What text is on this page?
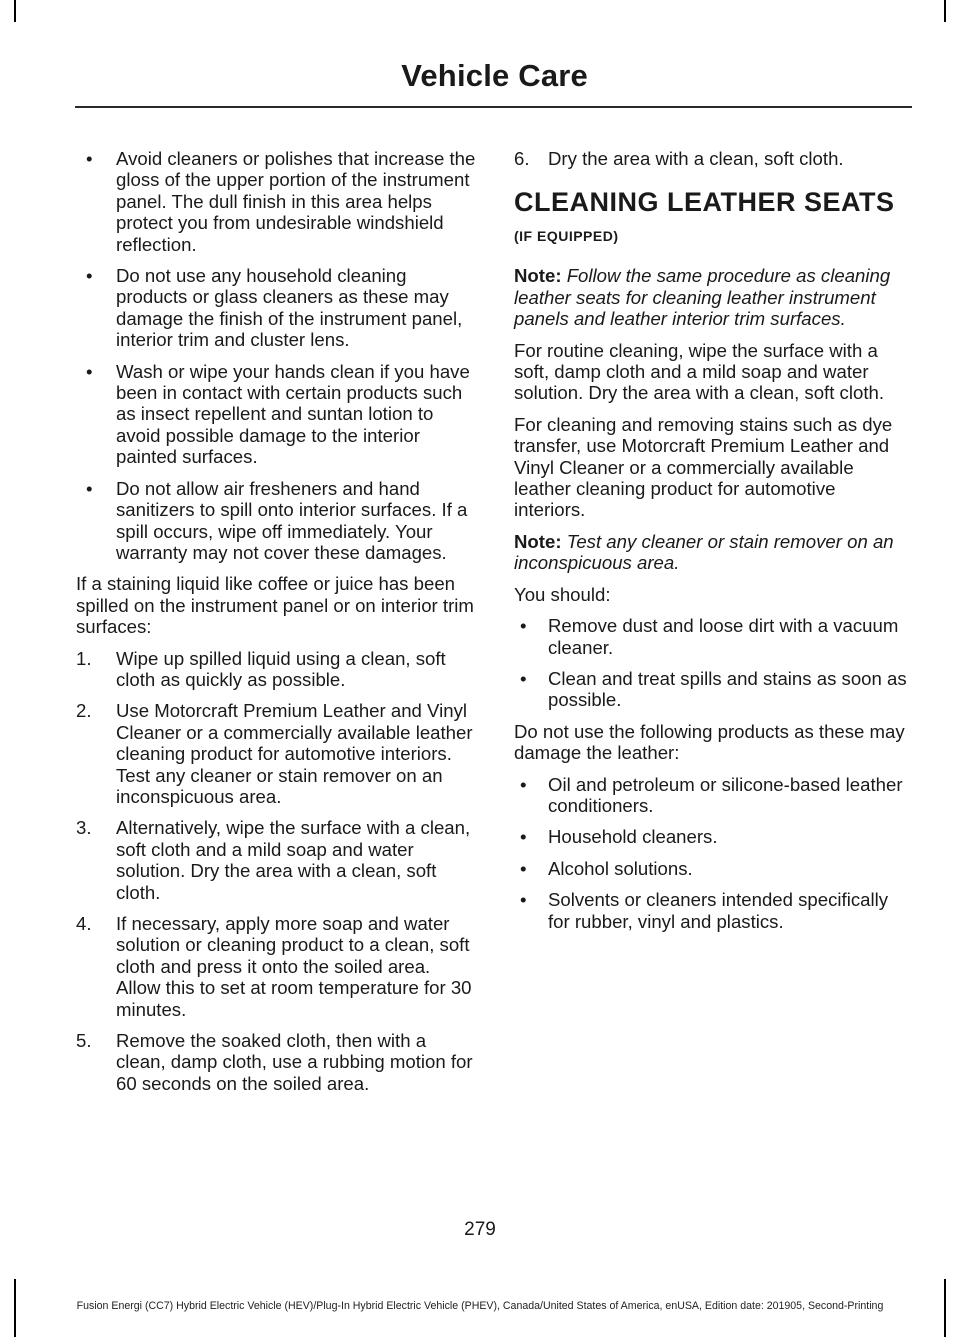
Vehicle Care
• Avoid cleaners or polishes that increase the gloss of the upper portion of the instrument panel. The dull finish in this area helps protect you from undesirable windshield reflection.
• Do not use any household cleaning products or glass cleaners as these may damage the finish of the instrument panel, interior trim and cluster lens.
• Wash or wipe your hands clean if you have been in contact with certain products such as insect repellent and suntan lotion to avoid possible damage to the interior painted surfaces.
• Do not allow air fresheners and hand sanitizers to spill onto interior surfaces. If a spill occurs, wipe off immediately. Your warranty may not cover these damages.

If a staining liquid like coffee or juice has been spilled on the instrument panel or on interior trim surfaces:

1. Wipe up spilled liquid using a clean, soft cloth as quickly as possible.
2. Use Motorcraft Premium Leather and Vinyl Cleaner or a commercially available leather cleaning product for automotive interiors. Test any cleaner or stain remover on an inconspicuous area.
3. Alternatively, wipe the surface with a clean, soft cloth and a mild soap and water solution. Dry the area with a clean, soft cloth.
4. If necessary, apply more soap and water solution or cleaning product to a clean, soft cloth and press it onto the soiled area. Allow this to set at room temperature for 30 minutes.
5. Remove the soaked cloth, then with a clean, damp cloth, use a rubbing motion for 60 seconds on the soiled area.
6. Dry the area with a clean, soft cloth.
CLEANING LEATHER SEATS (IF EQUIPPED)

Note: Follow the same procedure as cleaning leather seats for cleaning leather instrument panels and leather interior trim surfaces.

For routine cleaning, wipe the surface with a soft, damp cloth and a mild soap and water solution. Dry the area with a clean, soft cloth.

For cleaning and removing stains such as dye transfer, use Motorcraft Premium Leather and Vinyl Cleaner or a commercially available leather cleaning product for automotive interiors.

Note: Test any cleaner or stain remover on an inconspicuous area.

You should:

• Remove dust and loose dirt with a vacuum cleaner.
• Clean and treat spills and stains as soon as possible.

Do not use the following products as these may damage the leather:

• Oil and petroleum or silicone-based leather conditioners.
• Household cleaners.
• Alcohol solutions.
• Solvents or cleaners intended specifically for rubber, vinyl and plastics.
279
Fusion Energi (CC7) Hybrid Electric Vehicle (HEV)/Plug-In Hybrid Electric Vehicle (PHEV), Canada/United States of America, enUSA, Edition date: 201905, Second-Printing
